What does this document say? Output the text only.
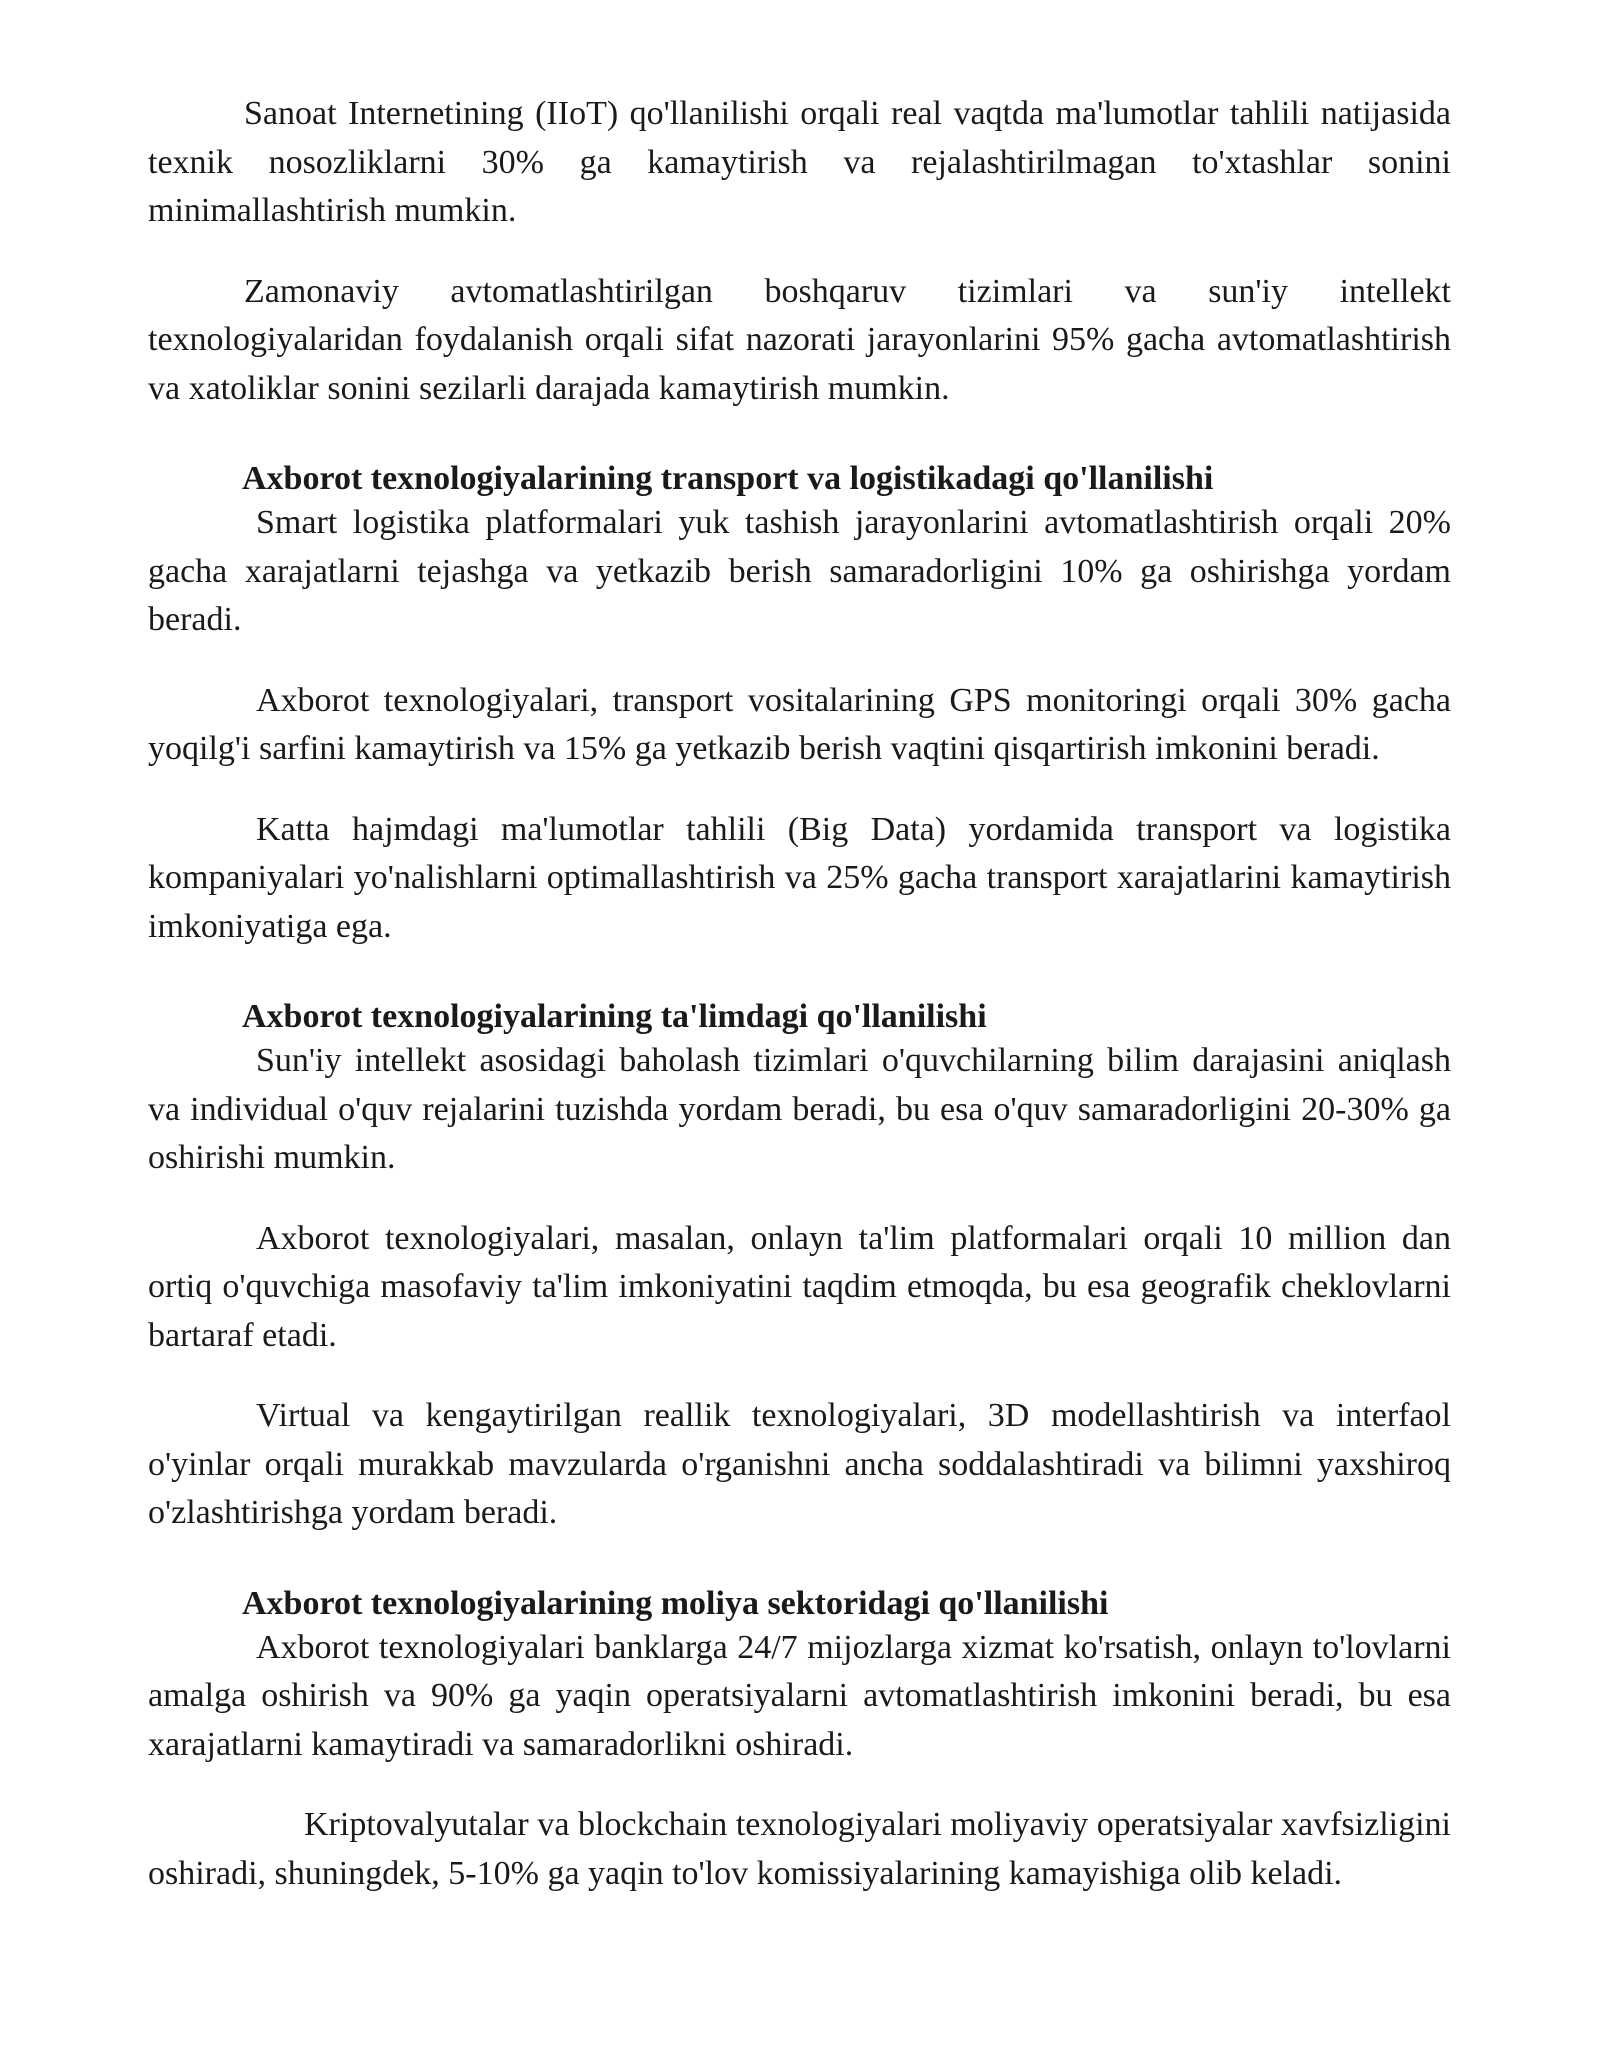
Sanoat Internetining (IIoT) qo'llanilishi orqali real vaqtda ma'lumotlar tahlili natijasida texnik nosozliklarni 30% ga kamaytirish va rejalashtirilmagan to'xtashlar sonini minimallashtirish mumkin.

Zamonaviy avtomatlashtirilgan boshqaruv tizimlari va sun'iy intellekt texnologiyalaridan foydalanish orqali sifat nazorati jarayonlarini 95% gacha avtomatlashtirish va xatoliklar sonini sezilarli darajada kamaytirish mumkin.

Axborot texnologiyalarining transport va logistikadagi qo'llanilishi

Smart logistika platformalari yuk tashish jarayonlarini avtomatlashtirish orqali 20% gacha xarajatlarni tejashga va yetkazib berish samaradorligini 10% ga oshirishga yordam beradi.

Axborot texnologiyalari, transport vositalarining GPS monitoringi orqali 30% gacha yoqilg'i sarfini kamaytirish va 15% ga yetkazib berish vaqtini qisqartirish imkonini beradi.

Katta hajmdagi ma'lumotlar tahlili (Big Data) yordamida transport va logistika kompaniyalari yo'nalishlarni optimallashtirish va 25% gacha transport xarajatlarini kamaytirish imkoniyatiga ega.

Axborot texnologiyalarining ta'limdagi qo'llanilishi

Sun'iy intellekt asosidagi baholash tizimlari o'quvchilarning bilim darajasini aniqlash va individual o'quv rejalarini tuzishda yordam beradi, bu esa o'quv samaradorligini 20-30% ga oshirishi mumkin.

Axborot texnologiyalari, masalan, onlayn ta'lim platformalari orqali 10 million dan ortiq o'quvchiga masofaviy ta'lim imkoniyatini taqdim etmoqda, bu esa geografik cheklovlarni bartaraf etadi.

Virtual va kengaytirilgan reallik texnologiyalari, 3D modellashtirish va interfaol o'yinlar orqali murakkab mavzularda o'rganishni ancha soddalashtiradi va bilimni yaxshiroq o'zlashtirishga yordam beradi.

Axborot texnologiyalarining moliya sektoridagi qo'llanilishi

Axborot texnologiyalari banklarga 24/7 mijozlarga xizmat ko'rsatish, onlayn to'lovlarni amalga oshirish va 90% ga yaqin operatsiyalarni avtomatlashtirish imkonini beradi, bu esa xarajatlarni kamaytiradi va samaradorlikni oshiradi.

Kriptovalyutalar va blockchain texnologiyalari moliyaviy operatsiyalar xavfsizligini oshiradi, shuningdek, 5-10% ga yaqin to'lov komissiyalarining kamayishiga olib keladi.
